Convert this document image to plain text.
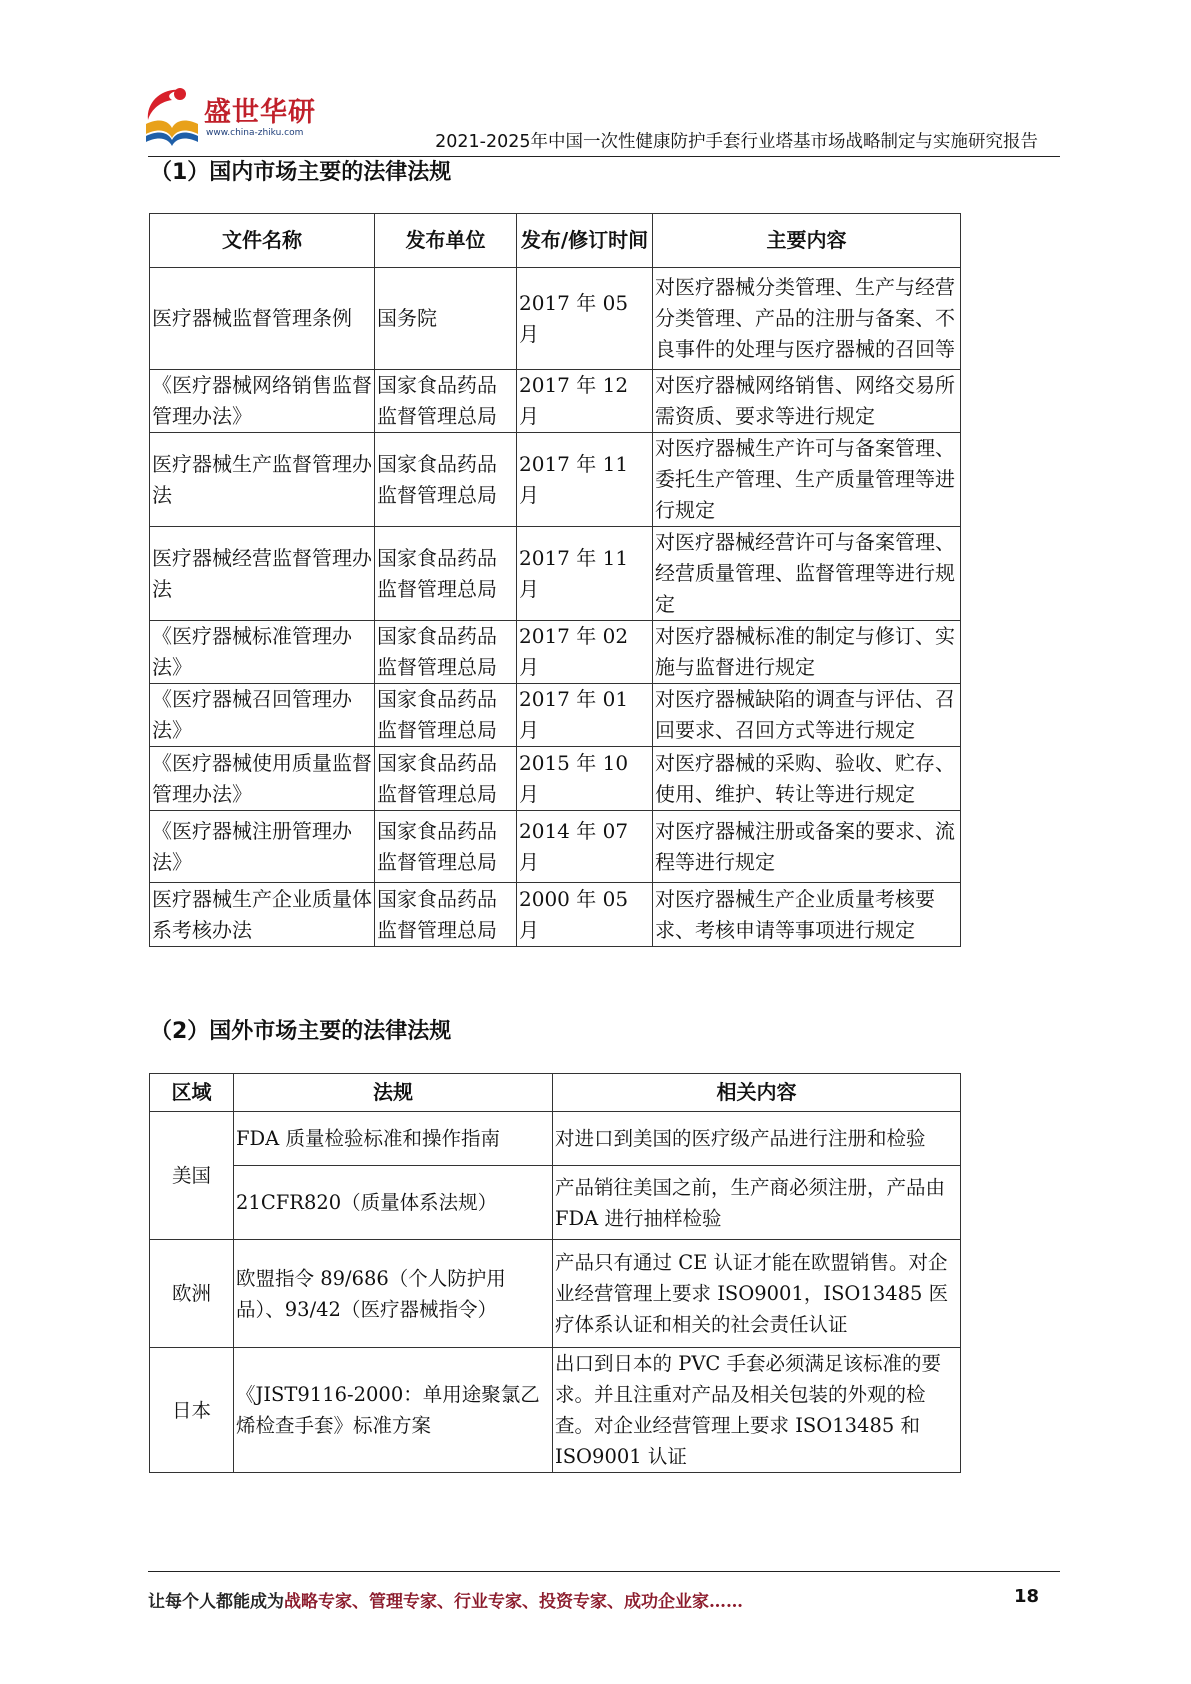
盛世华研
www.china-zhiku.com	2021-2025年中国一次性健康防护手套行业塔基市场战略制定与实施研究报告
（1）国内市场主要的法律法规
文件名称	发布单位	发布/修订时间	主要内容
医疗器械监督管理条例	国务院	2017 年 05 月	对医疗器械分类管理、生产与经营分类管理、产品的注册与备案、不良事件的处理与医疗器械的召回等

《医疗器械网络销售监督管理办法》	国家食品药品监督管理总局	2017 年 12 月	对医疗器械网络销售、网络交易所需资质、要求等进行规定
医疗器械生产监督管理办法	国家食品药品监督管理总局	2017 年 11 月	对医疗器械生产许可与备案管理、委托生产管理、生产质量管理等进行规定
医疗器械经营监督管理办法	国家食品药品监督管理总局	2017 年 11 月	对医疗器械经营许可与备案管理、经营质量管理、监督管理等进行规定
《医疗器械标准管理办法》	国家食品药品监督管理总局	2017 年 02 月	对医疗器械标准的制定与修订、实施与监督进行规定
《医疗器械召回管理办法》	国家食品药品监督管理总局	2017 年 01 月	对医疗器械缺陷的调查与评估、召回要求、召回方式等进行规定
《医疗器械使用质量监督管理办法》	国家食品药品监督管理总局	2015 年 10 月	对医疗器械的采购、验收、贮存、使用、维护、转让等进行规定
《医疗器械注册管理办法》	国家食品药品监督管理总局	2014 年 07 月	对医疗器械注册或备案的要求、流程等进行规定
医疗器械生产企业质量体系考核办法	国家食品药品监督管理总局	2000 年 05 月	对医疗器械生产企业质量考核要求、考核申请等事项进行规定
（2）国外市场主要的法律法规
区域	法规	相关内容
美国	FDA 质量检验标准和操作指南	对进口到美国的医疗级产品进行注册和检验
	21CFR820（质量体系法规）	产品销往美国之前，生产商必须注册，产品由 FDA 进行抽样检验
欧洲	欧盟指令 89/686（个人防护用品）、93/42（医疗器械指令）	产品只有通过 CE 认证才能在欧盟销售。对企业经营管理上要求 ISO9001，ISO13485 医疗体系认证和相关的社会责任认证
日本	《JIST9116-2000：单用途聚氯乙烯检查手套》标准方案	出口到日本的 PVC 手套必须满足该标准的要求。并且注重对产品及相关包装的外观的检查。对企业经营管理上要求 ISO13485 和 ISO9001 认证
让每个人都能成为战略专家、管理专家、行业专家、投资专家、成功企业家……	18
